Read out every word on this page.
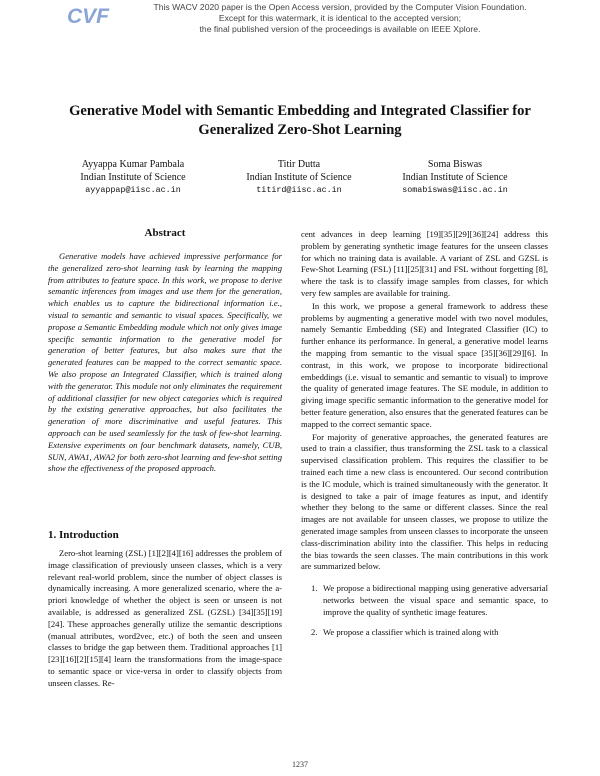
CVF	This WACV 2020 paper is the Open Access version, provided by the Computer Vision Foundation.
Except for this watermark, it is identical to the accepted version;
the final published version of the proceedings is available on IEEE Xplore.
Generative Model with Semantic Embedding and Integrated Classifier for
Generalized Zero-Shot Learning
Ayyappa Kumar Pambala
Indian Institute of Science
ayyappap@iisc.ac.in
Titir Dutta
Indian Institute of Science
titird@iisc.ac.in
Soma Biswas
Indian Institute of Science
somabiswas@iisc.ac.in
Abstract

Generative models have achieved impressive performance for the generalized zero-shot learning task by learning the mapping from attributes to feature space. In this work, we propose to derive semantic inferences from images and use them for the generation, which enables us to capture the bidirectional information i.e., visual to semantic and semantic to visual spaces. Specifically, we propose a Semantic Embedding module which not only gives image specific semantic information to the generative model for generation of better features, but also makes sure that the generated features can be mapped to the correct semantic space. We also propose an Integrated Classifier, which is trained along with the generator. This module not only eliminates the requirement of additional classifier for new object categories which is required by the existing generative approaches, but also facilitates the generation of more discriminative and useful features. This approach can be used seamlessly for the task of few-shot learning. Extensive experiments on four benchmark datasets, namely, CUB, SUN, AWA1, AWA2 for both zero-shot learning and few-shot setting show the effectiveness of the proposed approach.

1. Introduction

Zero-shot learning (ZSL) [1][2][4][16] addresses the problem of image classification of previously unseen classes, which is a very relevant real-world problem, since the number of object classes is dynamically increasing. A more generalized scenario, where the a-priori knowledge of whether the object is seen or unseen is not available, is addressed as generalized ZSL (GZSL) [34][35][19][24]. These approaches generally utilize the semantic descriptions (manual attributes, word2vec, etc.) of both the seen and unseen classes to bridge the gap between them. Traditional approaches [1][23][16][2][15][4] learn the transformations from the image-space to semantic space or vice-versa in order to classify objects from unseen classes. Re-

cent advances in deep learning [19][35][29][36][24] address this problem by generating synthetic image features for the unseen classes for which no training data is available. A variant of ZSL and GZSL is Few-Shot Learning (FSL) [11][25][31] and FSL without forgetting [8], where the task is to classify image samples from classes, for which very few samples are available for training.

In this work, we propose a general framework to address these problems by augmenting a generative model with two novel modules, namely Semantic Embedding (SE) and Integrated Classifier (IC) to further enhance its performance. In general, a generative model learns the mapping from semantic to the visual space [35][36][29][6]. In contrast, in this work, we propose to incorporate bidirectional embeddings (i.e. visual to semantic and semantic to visual) to improve the quality of generated image features. The SE module, in addition to giving image specific semantic information to the generative model for better feature generation, also ensures that the generated features can be mapped to the correct semantic space.

For majority of generative approaches, the generated features are used to train a classifier, thus transforming the ZSL task to a classical supervised classification problem. This requires the classifier to be trained each time a new class is encountered. Our second contribution is the IC module, which is trained simultaneously with the generator. It is designed to take a pair of image features as input, and identify whether they belong to the same or different classes. Since the real images are not available for unseen classes, we propose to utilize the generated image samples from unseen classes to incorporate the unseen class-discrimination ability into the classifier. This helps in reducing the bias towards the seen classes. The main contributions in this work are summarized below.

1. We propose a bidirectional mapping using generative adversarial networks between the visual space and semantic space, to improve the quality of synthetic image features.
2. We propose a classifier which is trained along with
1237
